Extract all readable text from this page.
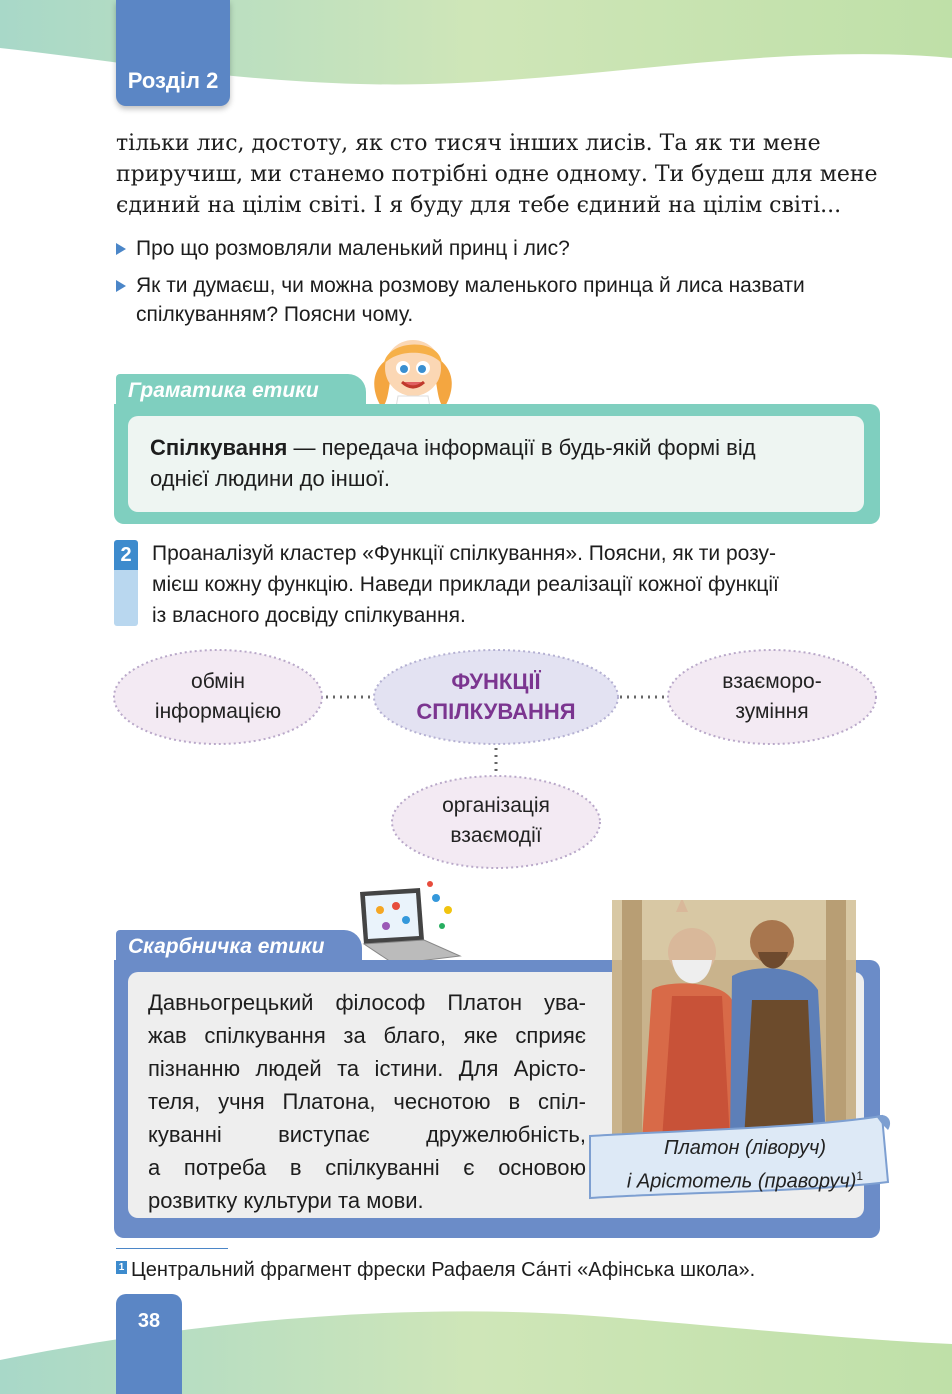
Розділ 2
тільки лис, достоту, як сто тисяч інших лисів. Та як ти мене
приручиш, ми станемо потрібні одне одному. Ти будеш для мене
єдиний на цілім світі. І я буду для тебе єдиний на цілім світі...
Про що розмовляли маленький принц і лис?
Як ти думаєш, чи можна розмову маленького принца й лиса назвати
спілкуванням? Поясни чому.
Граматика етики
Спілкування — передача інформації в будь-якій формі від
однієї людини до іншої.
2 Проаналізуй кластер «Функції спілкування». Поясни, як ти розу-
мієш кожну функцію. Наведи приклади реалізації кожної функції
із власного досвіду спілкування.
обмін
інформацією
ФУНКЦІЇ
СПІЛКУВАННЯ
взаєморо-
зуміння
організація
взаємодії
Скарбничка етики
Давньогрецький філософ Платон ува-
жав спілкування за благо, яке сприяє
пізнанню людей та істини. Для Арісто-
теля, учня Платона, чеснотою в спіл-
куванні виступає дружелюбність,
а потреба в спілкуванні є основою
розвитку культури та мови.
Платон (ліворуч)
і Арістотель (праворуч)$^1$
1 Центральний фрагмент фрески Рафаеля Са́нті «Афінська школа».
38
